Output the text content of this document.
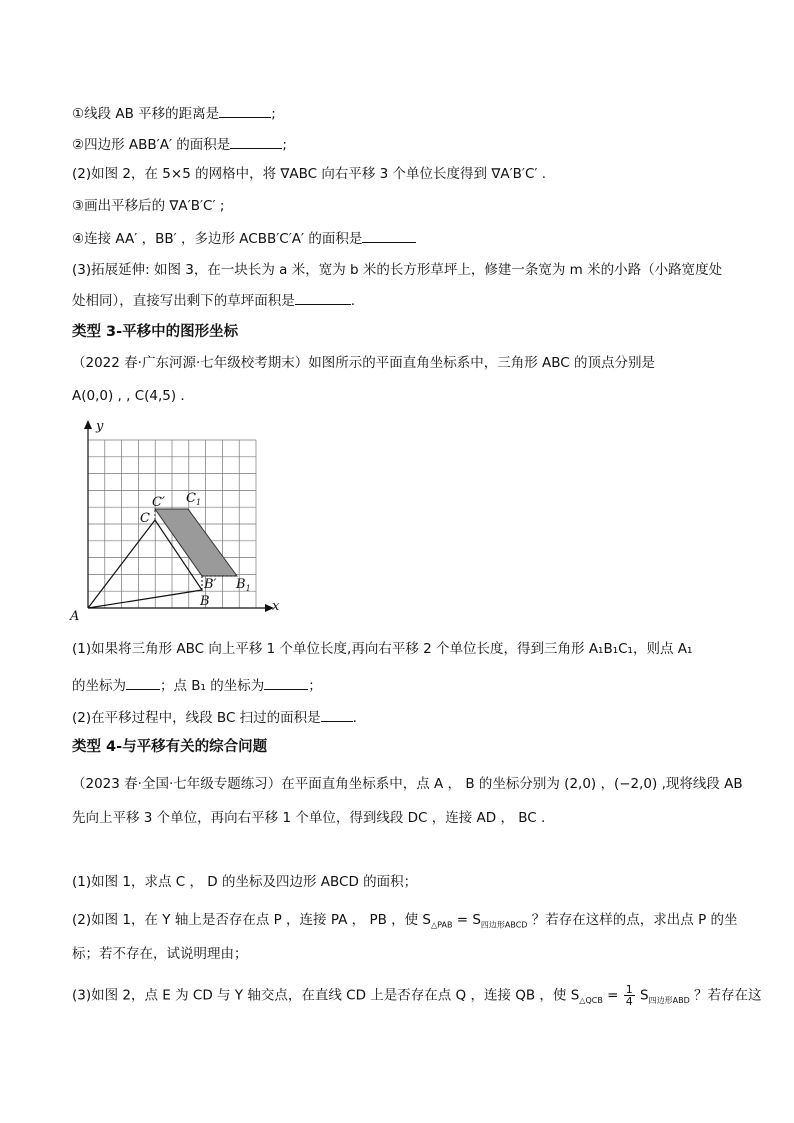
①线段 AB 平移的距离是	;
②四边形 ABB′A′ 的面积是	;
(2)如图 2，在 5×5 的网格中，将 ∇ABC 向右平移 3 个单位长度得到 ∇A′B′C′ .
③画出平移后的 ∇A′B′C′ ;
④连接 AA′ ，BB′ ，多边形 ACBB′C′A′ 的面积是
(3)拓展延伸: 如图 3，在一块长为 a 米，宽为 b 米的长方形草坪上，修建一条宽为 m 米的小路（小路宽度处
处相同），直接写出剩下的草坪面积是	.
类型 3-平移中的图形坐标
（2022 春·广东河源·七年级校考期末）如图所示的平面直角坐标系中，三角形 ABC 的顶点分别是
A(0,0) , , C(4,5) .
x
y
A
B
C
B′
C′ $C_1$
$B_1$
(1)如果将三角形 ABC 向上平移 1 个单位长度,再向右平移 2 个单位长度，得到三角形 A₁B₁C₁，则点 A₁
的坐标为	；点 B₁ 的坐标为	；
(2)在平移过程中，线段 BC 扫过的面积是 .
类型 4-与平移有关的综合问题
（2023 春·全国·七年级专题练习）在平面直角坐标系中，点 A ， B 的坐标分别为 (2,0) ，(−2,0) ,现将线段 AB
先向上平移 3 个单位，再向右平移 1 个单位，得到线段 DC ，连接 AD ， BC .
(1)如图 1，求点 C ， D 的坐标及四边形 ABCD 的面积；
(2)如图 1，在 Y 轴上是否存在点 P ，连接 PA ， PB ，使 $S_{\triangle PAB} = S_{四边形ABCD}$ ？若存在这样的点，求出点 P 的坐
标；若不存在，试说明理由；
(3)如图 2，点 E 为 CD 与 Y 轴交点，在直线 CD 上是否存在点 Q ，连接 QB ，使 $S_{\triangle QCB} = \frac{1}{4} S_{四边形ABD}$ ？若存在这
